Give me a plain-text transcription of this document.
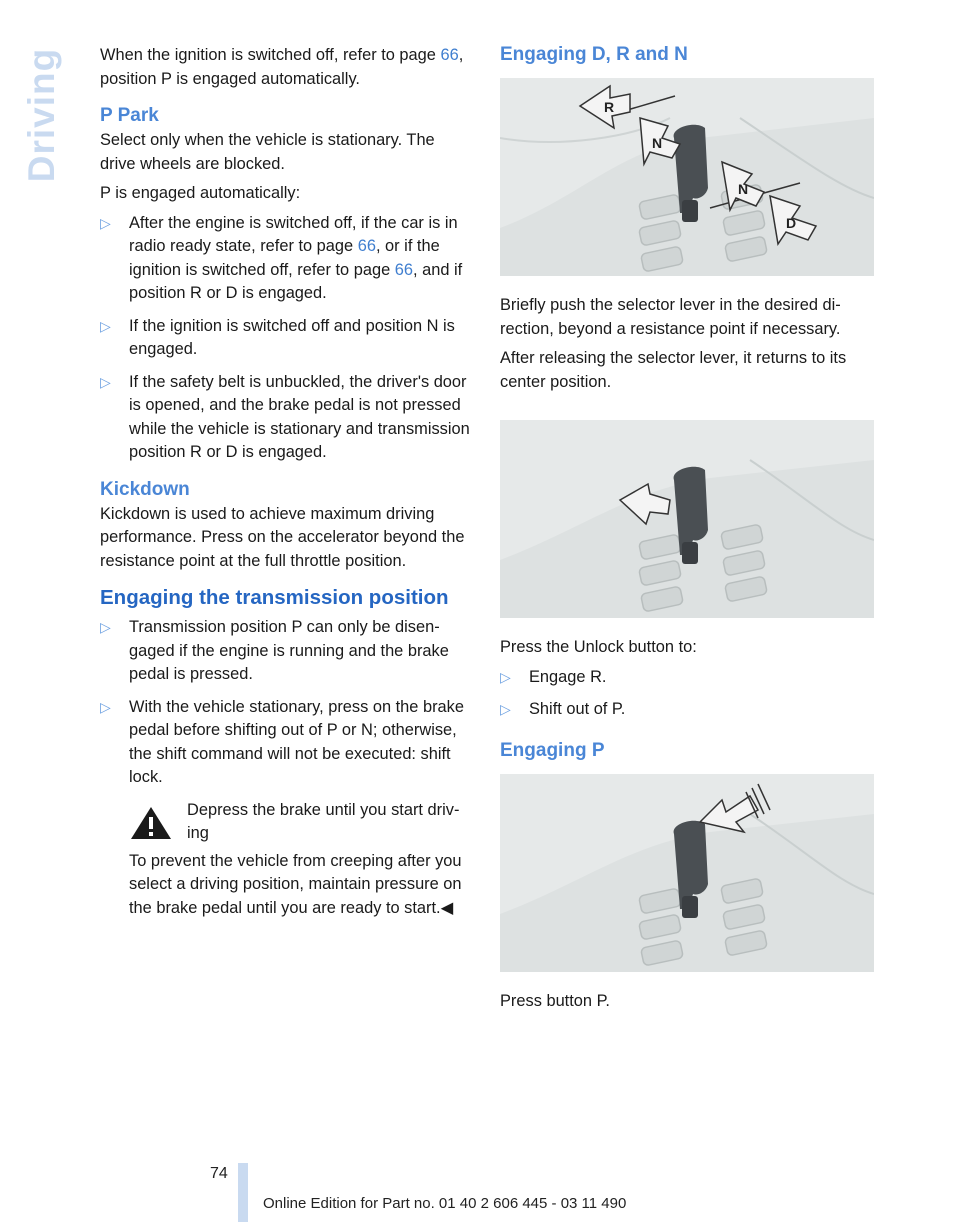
Driving When the ignition is switched off, refer to page 66, position P is engaged automatically.

P Park

Select only when the vehicle is stationary. The drive wheels are blocked.

P is engaged automatically:

▷ After the engine is switched off, if the car is in radio ready state, refer to page 66, or if the ignition is switched off, refer to page 66, and if position R or D is engaged.
▷ If the ignition is switched off and position N is engaged.
▷ If the safety belt is unbuckled, the driver's door is opened, and the brake pedal is not pressed while the vehicle is stationary and transmission position R or D is engaged.
Kickdown

Kickdown is used to achieve maximum driving performance. Press on the accelerator beyond the resistance point at the full throttle position.

Engaging the transmission position
▷ Transmission position P can only be disengaged if the engine is running and the brake pedal is pressed.
▷ With the vehicle stationary, press on the brake pedal before shifting out of P or N; otherwise, the shift command will not be executed: shift lock.

Depress the brake until you start driving

To prevent the vehicle from creeping after you select a driving position, maintain pressure on the brake pedal until you are ready to start.◀

Engaging D, R and N
R
N
N
D

Briefly push the selector lever in the desired direction, beyond a resistance point if necessary.

After releasing the selector lever, it returns to its center position.

Press the Unlock button to:

▷ Engage R.
▷ Shift out of P.
Engaging P

Press button P.

74
Online Edition for Part no. 01 40 2 606 445 - 03 11 490
